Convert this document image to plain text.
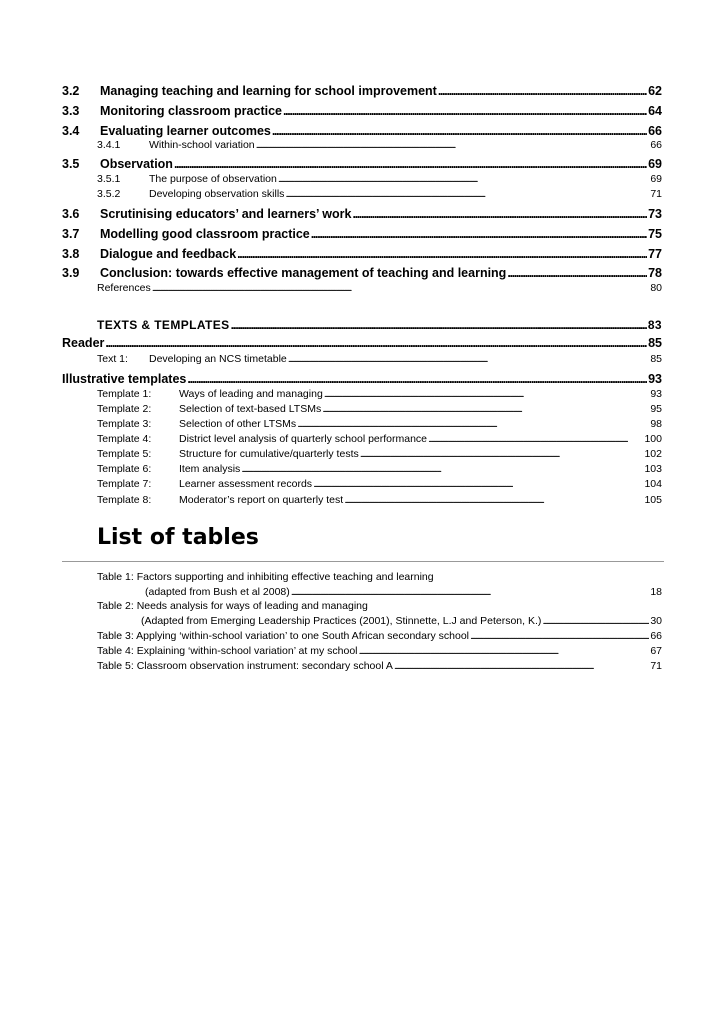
3.2	Managing teaching and learning for school improvement . . .	62
3.3	Monitoring classroom practice . . .	64
3.4	Evaluating learner outcomes . . .	66
3.4.1	Within-school variation . . .	66
3.5	Observation . . .	69
3.5.1	The purpose of observation . . .	69
3.5.2	Developing observation skills . . .	71
3.6	Scrutinising educators’ and learners’ work . . .	73
3.7	Modelling good classroom practice . . .	75
3.8	Dialogue and feedback . . .	77
3.9	Conclusion: towards effective management of teaching and learning . . .	78
References . . .	80
TEXTS & TEMPLATES . . .	83
Reader . . .	85
Text 1:	Developing an NCS timetable . . .	85
Illustrative templates . . .	93
Template 1:	Ways of leading and managing . . .	93
Template 2:	Selection of text-based LTSMs . . .	95
Template 3:	Selection of other LTSMs . . .	98
Template 4:	District level analysis of quarterly school performance . . .	100
Template 5:	Structure for cumulative/quarterly tests . . .	102
Template 6:	Item analysis . . .	103
Template 7:	Learner assessment records . . .	104
Template 8:	Moderator’s report on quarterly test . . .	105
List of tables
Table 1: Factors supporting and inhibiting effective teaching and learning
(adapted from Bush et al 2008) . . .	18
Table 2: Needs analysis for ways of leading and managing
(Adapted from Emerging Leadership Practices (2001), Stinnette, L.J and Peterson, K.) . . .	30
Table 3: Applying ‘within-school variation’ to one South African secondary school . . .	66
Table 4: Explaining ‘within-school variation’ at my school . . .	67
Table 5: Classroom observation instrument: secondary school A . . .	71
